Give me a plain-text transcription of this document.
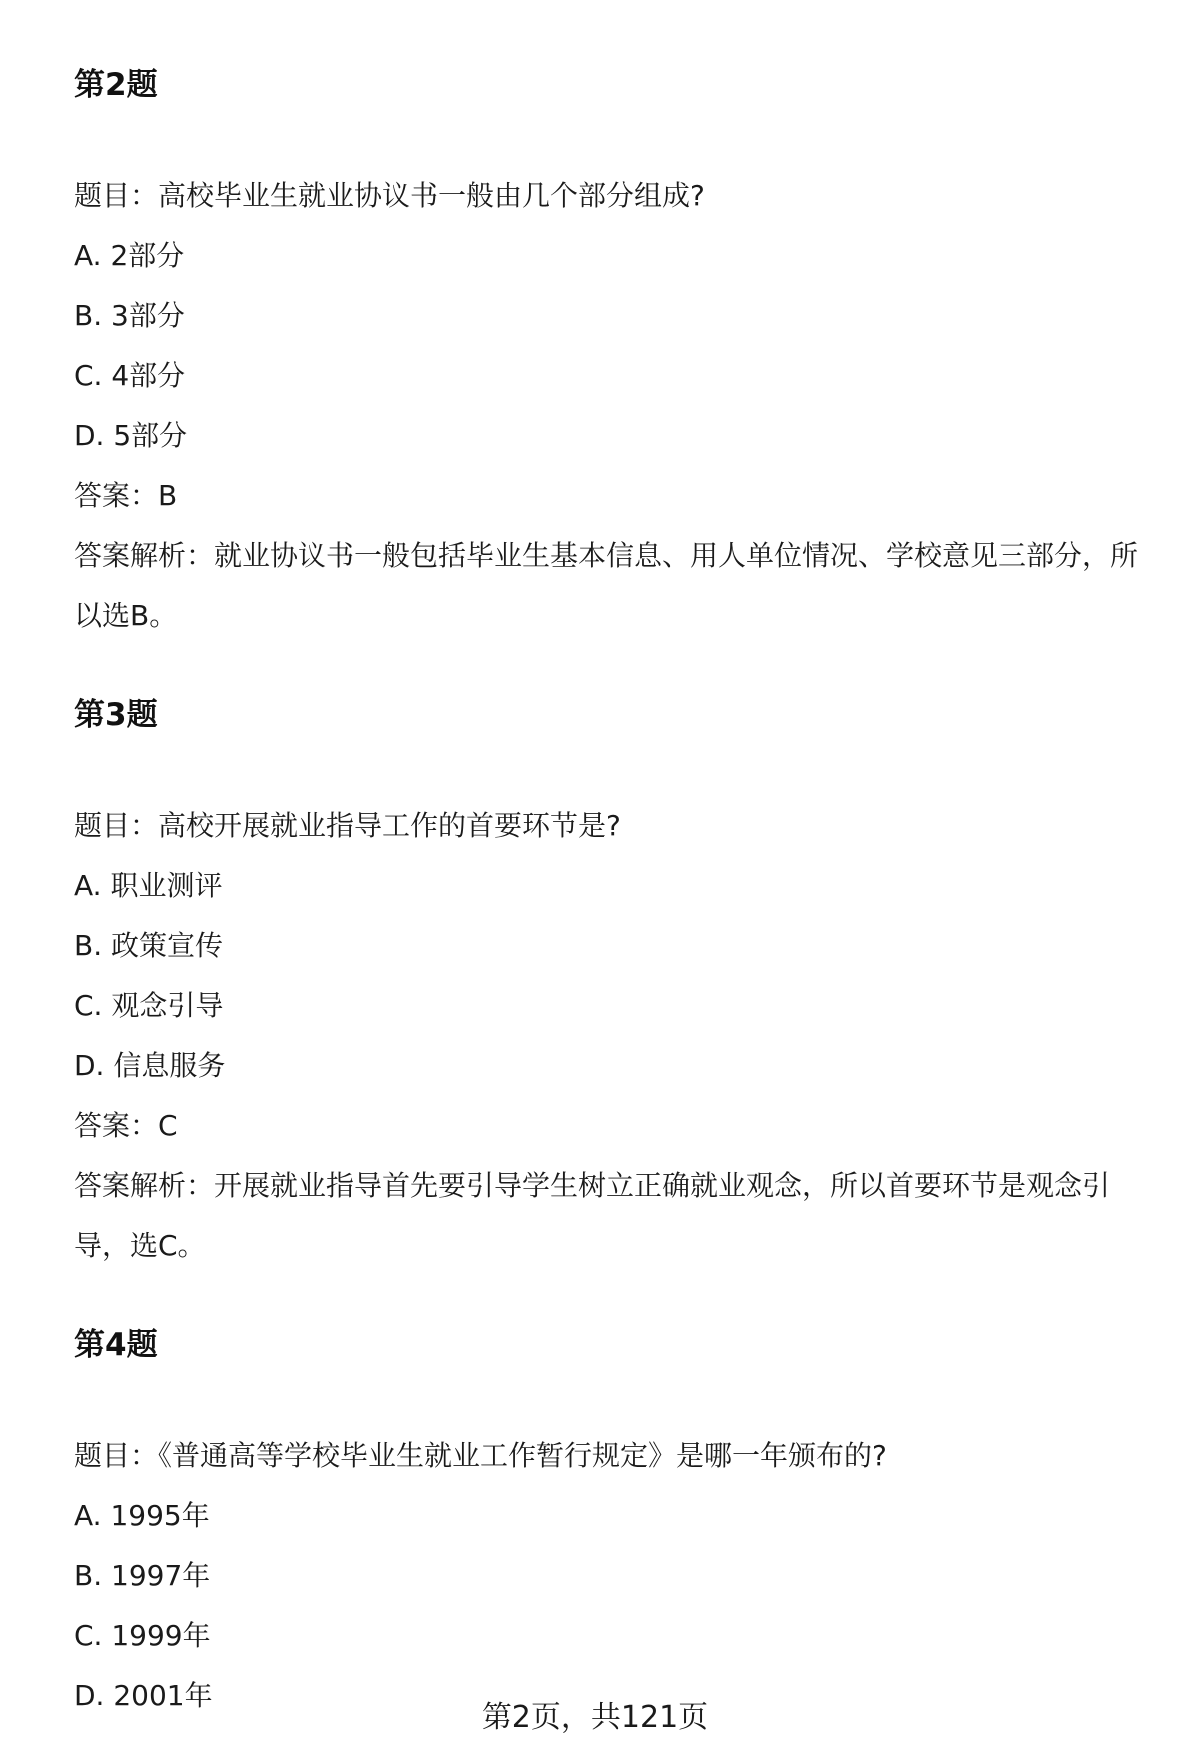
第2题

题目：高校毕业生就业协议书一般由几个部分组成?

A. 2部分

B. 3部分

C. 4部分

D. 5部分

答案：B

答案解析：就业协议书一般包括毕业生基本信息、用人单位情况、学校意见三部分，所以选B。

第3题

题目：高校开展就业指导工作的首要环节是?

A. 职业测评

B. 政策宣传

C. 观念引导

D. 信息服务

答案：C

答案解析：开展就业指导首先要引导学生树立正确就业观念，所以首要环节是观念引导，选C。

第4题

题目：《普通高等学校毕业生就业工作暂行规定》是哪一年颁布的?

A. 1995年

B. 1997年

C. 1999年

D. 2001年

第2页，共121页
